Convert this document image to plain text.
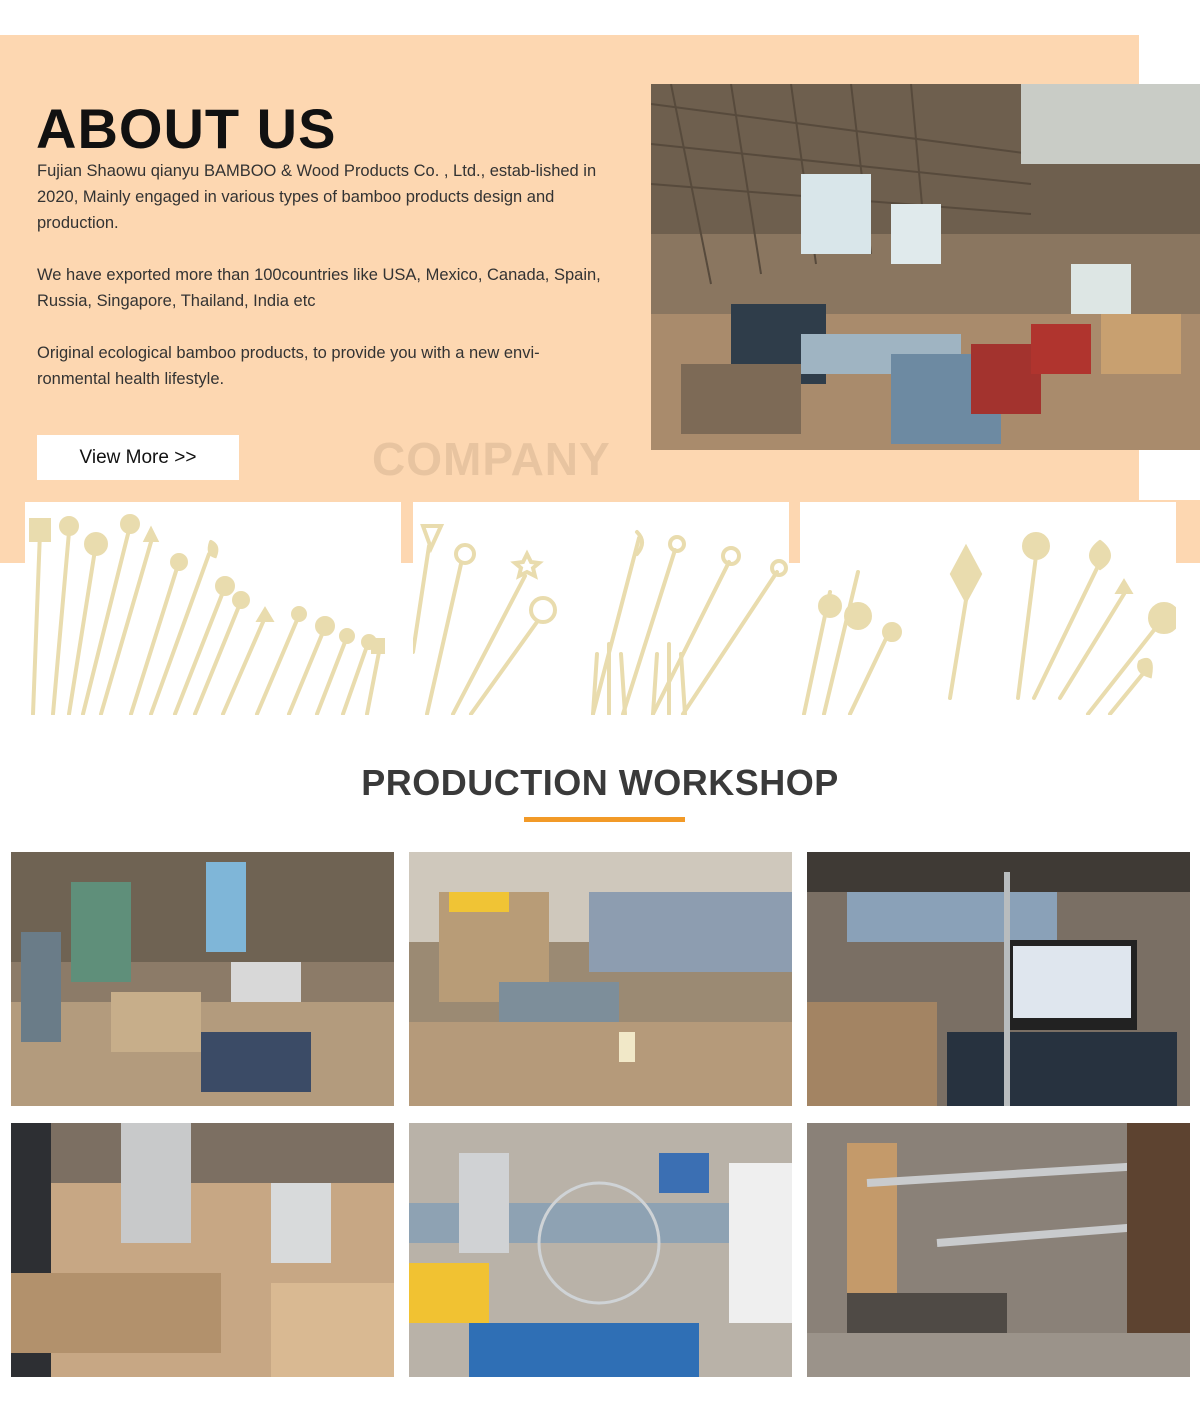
ABOUT US

Fujian Shaowu qianyu BAMBOO & Wood Products Co. , Ltd., estab-lished in 2020, Mainly engaged in various types of bamboo products design and production.

We have exported more than 100countries like USA, Mexico, Canada, Spain, Russia, Singapore, Thailand, India etc

Original ecological bamboo products, to provide you with a new envi-ronmental health lifestyle.

View More >>	COMPANY
PRODUCTION WORKSHOP
